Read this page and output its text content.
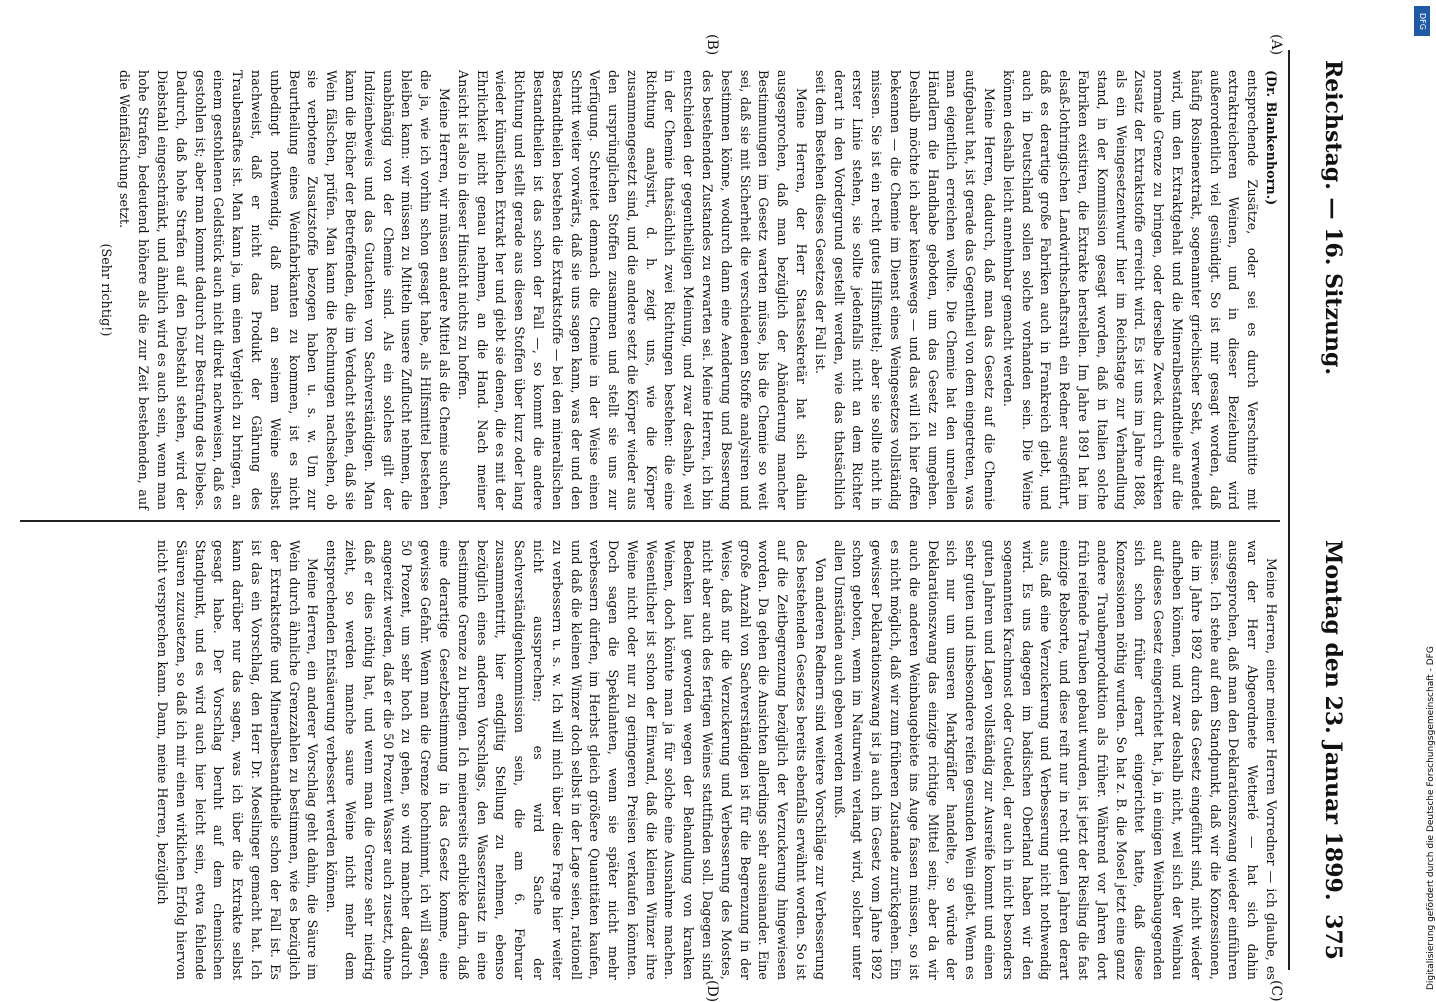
Reichstag. — 16. Sitzung.
Montag den 23. Januar 1899.
375
(A)
(B)
(C)
(D)

(Dr. Blankenhorn.)

entsprechende Zusätze, oder sei es durch Verschnitte mit extraktreicheren Weinen, und in dieser Beziehung wird außerordentlich viel gesündigt. So ist mir gesagt worden, daß häufig Rosinenextrakt, sogenannter griechischer Sekt, verwendet wird, um den Extraktgehalt und die Mineralbestandtheile auf die normale Grenze zu bringen, oder derselbe Zweck durch direkten Zusatz der Extraktstoffe erreicht wird. Es ist uns im Jahre 1888, als ein Weingesetzentwurf hier im Reichstage zur Verhandlung stand, in der Kommission gesagt worden, daß in Italien solche Fabriken existiren, die Extrakte herstellen. Im Jahre 1891 hat im elsaß-lothringischen Landwirthschaftsrath ein Redner ausgeführt, daß es derartige große Fabriken auch in Frankreich giebt, und auch in Deutschland sollen solche vorhanden sein. Die Weine können deshalb leicht annehmbar gemacht werden.

Meine Herren, dadurch, daß man das Gesetz auf die Chemie aufgebaut hat, ist gerade das Gegentheil von dem eingetreten, was man eigentlich erreichen wollte. Die Chemie hat den unreellen Händlern die Handhabe geboten, um das Gesetz zu umgehen. Deshalb möchte ich aber keineswegs — und das will ich hier offen bekennen — die Chemie im Dienst eines Weingesetzes vollständig missen. Sie ist ein recht gutes Hilfsmittel; aber sie sollte nicht in erster Linie stehen, sie sollte jedenfalls nicht an dem Richter derart in den Vordergrund gestellt werden, wie das thatsächlich seit dem Bestehen dieses Gesetzes der Fall ist.

Meine Herren, der Herr Staatssekretär hat sich dahin ausgesprochen, daß man bezüglich der Abänderung mancher Bestimmungen im Gesetz warten müsse, bis die Chemie so weit sei, daß sie mit Sicherheit die verschiedenen Stoffe analysiren und bestimmen könne, wodurch dann eine Aenderung und Besserung des bestehenden Zustandes zu erwarten sei. Meine Herren, ich bin entschieden der gegentheiligen Meinung, und zwar deshalb, weil in der Chemie thatsächlich zwei Richtungen bestehen: die eine Richtung analysirt, d. h. zeigt uns, wie die Körper zusammengesetzt sind, und die andere setzt die Körper wieder aus den ursprünglichen Stoffen zusammen und stellt sie uns zur Verfügung. Schreitet demnach die Chemie in der Weise einen Schritt weiter vorwärts, daß sie uns sagen kann, was der und den Bestandtheilen bestehen die Extraktstoffe — bei den mineralischen Bestandtheilen ist das schon der Fall —, so kommt die andere Richtung und stellt gerade aus diesen Stoffen über kurz oder lang wieder künstlichen Extrakt her und giebt sie denen, die es mit der Ehrlichkeit nicht genau nehmen, an die Hand. Nach meiner Ansicht ist also in dieser Hinsicht nichts zu hoffen.

Meine Herren, wir müssen andere Mittel als die Chemie suchen, die ja, wie ich vorhin schon gesagt habe, als Hilfsmittel bestehen bleiben kann: wir müssen zu Mitteln unsere Zuflucht nehmen, die unabhängig von der Chemie sind. Als ein solches gilt der Indizienbeweis und das Gutachten von Sachverständigen. Man kann die Bücher der Betreffenden, die im Verdacht stehen, daß sie Wein fälschen, prüfen. Man kann die Rechnungen nachsehen, ob sie verbotene Zusatzstoffe bezogen haben u. s. w. Um zur Beurtheilung eines Weinfabrikanten zu kommen, ist es nicht unbedingt nothwendig, daß man an seinem Weine selbst nachweist, daß er nicht das Produkt der Gährung des Traubensaftes ist. Man kann ja, um einen Vergleich zu bringen, an einem gestohlenen Geldstück auch nicht direkt nachweisen, daß es gestohlen ist; aber man kommt dadurch zur Bestrafung des Diebes. Dadurch, daß hohe Strafen auf den Diebstahl stehen, wird der Diebstahl eingeschränkt, und ähnlich wird es auch sein, wenn man hohe Strafen, bedeutend höhere als die zur Zeit bestehenden, auf die Weinfälschung setzt.

(Sehr richtig!)

Meine Herren, einer meiner Herren Vorredner — ich glaube, es war der Herr Abgeordnete Wetterlé — hat sich dahin ausgesprochen, daß man den Deklarationszwang wieder einführen müsse. Ich stehe auf dem Standpunkt, daß wir die Konzessionen, die im Jahre 1892 durch das Gesetz eingeführt sind, nicht wieder aufheben können, und zwar deshalb nicht, weil sich der Weinbau auf dieses Gesetz eingerichtet hat, ja, in einigen Weinbaugegenden sich schon früher derart eingerichtet hatte, daß diese Konzessionen nöthig wurden. So hat z. B. die Mosel jetzt eine ganz andere Traubenproduktion als früher. Während vor Jahren dort früh reifende Trauben gebaut wurden, ist jetzt der Riesling die fast einzige Rebsorte, und diese reift nur in recht guten Jahren derart aus, daß eine Verzuckerung und Verbesserung nicht nothwendig wird. Es uns dagegen im badischen Oberland haben wir den sogenannten Krachmost oder Gutedel, der auch in nicht besonders guten Jahren und Lagen vollständig zur Ausreife kommt und einen sehr guten und insbesondere reifen gesunden Wein giebt. Wenn es sich nur um unseren Markgräfler handelte, so würde der Deklarationszwang das einzige richtige Mittel sein; aber da wir auch die anderen Weinbaugebiete ins Auge fassen müssen, so ist es nicht möglich, daß wir zum früheren Zustande zurückgehen. Ein gewisser Deklarationszwang ist ja auch im Gesetz vom Jahre 1892 schon geboten, wenn im Naturwein verlangt wird, solcher unter allen Umständen auch geben werden muß.

Von anderen Rednern sind weitere Vorschläge zur Verbesserung des bestehenden Gesetzes bereits ebenfalls erwähnt worden. So ist auf die Zeitbegrenzung bezüglich der Verzuckerung hingewiesen worden. Da gehen die Ansichten allerdings sehr auseinander. Eine große Anzahl von Sachverständigen ist für die Begrenzung in der Weise, daß nur die Verzuckerung und Verbesserung des Mostes, nicht aber auch des fertigen Weines stattfinden soll. Dagegen sind Bedenken laut geworden wegen der Behandlung von kranken Weinen, doch könnte man ja für solche eine Ausnahme machen. Wesentlicher ist schon der Einwand, daß die kleinen Winzer ihre Weine nicht oder nur zu geringeren Preisen verkaufen könnten. Doch sagen die Spekulanten, wenn sie später nicht mehr verbessern dürfen, im Herbst gleich größere Quantitäten kaufen, und daß die kleinen Winzer doch selbst in der Lage seien, rationell zu verbessern u. s. w. Ich will mich über diese Frage hier weiter nicht aussprechen; es wird Sache der Sachverständigenkommission sein, die am 6. Februar zusammentritt, hier endgiltig Stellung zu nehmen, ebenso bezüglich eines anderen Vorschlags, den Wasserzusatz in eine bestimmte Grenze zu bringen. Ich meinerseits erblicke darin, daß eine derartige Gesetzbestimmung in das Gesetz komme, eine gewisse Gefahr. Wenn man die Grenze hochnimmt, ich will sagen, 50 Prozent, um sehr hoch zu gehen, so wird mancher dadurch angereizt werden, daß er die 50 Prozent Wasser auch zusetzt, ohne daß er dies nöthig hat, und wenn man die Grenze sehr niedrig zieht, so werden manche saure Weine nicht mehr dem entsprechenden Entsäuerung verbessert werden können.

Meine Herren, ein anderer Vorschlag geht dahin, die Säure im Wein durch ähnliche Grenzzahlen zu bestimmen, wie es bezüglich der Extraktstoffe und Mineralbestandtheile schon der Fall ist. Es ist das ein Vorschlag, den Herr Dr. Moeslinger gemacht hat. Ich kann darüber nur das sagen, was ich über die Extrakte selbst gesagt habe. Der Vorschlag beruht auf dem chemischen Standpunkt, und es wird auch hier leicht sein, etwa fehlende Säuren zuzusetzen, so daß ich mir einen wirklichen Erfolg hiervon nicht versprechen kann. Dann, meine Herren, bezüglich

DFG
Digitalisierung gefördert durch die Deutsche Forschungsgemeinschaft - DFG
